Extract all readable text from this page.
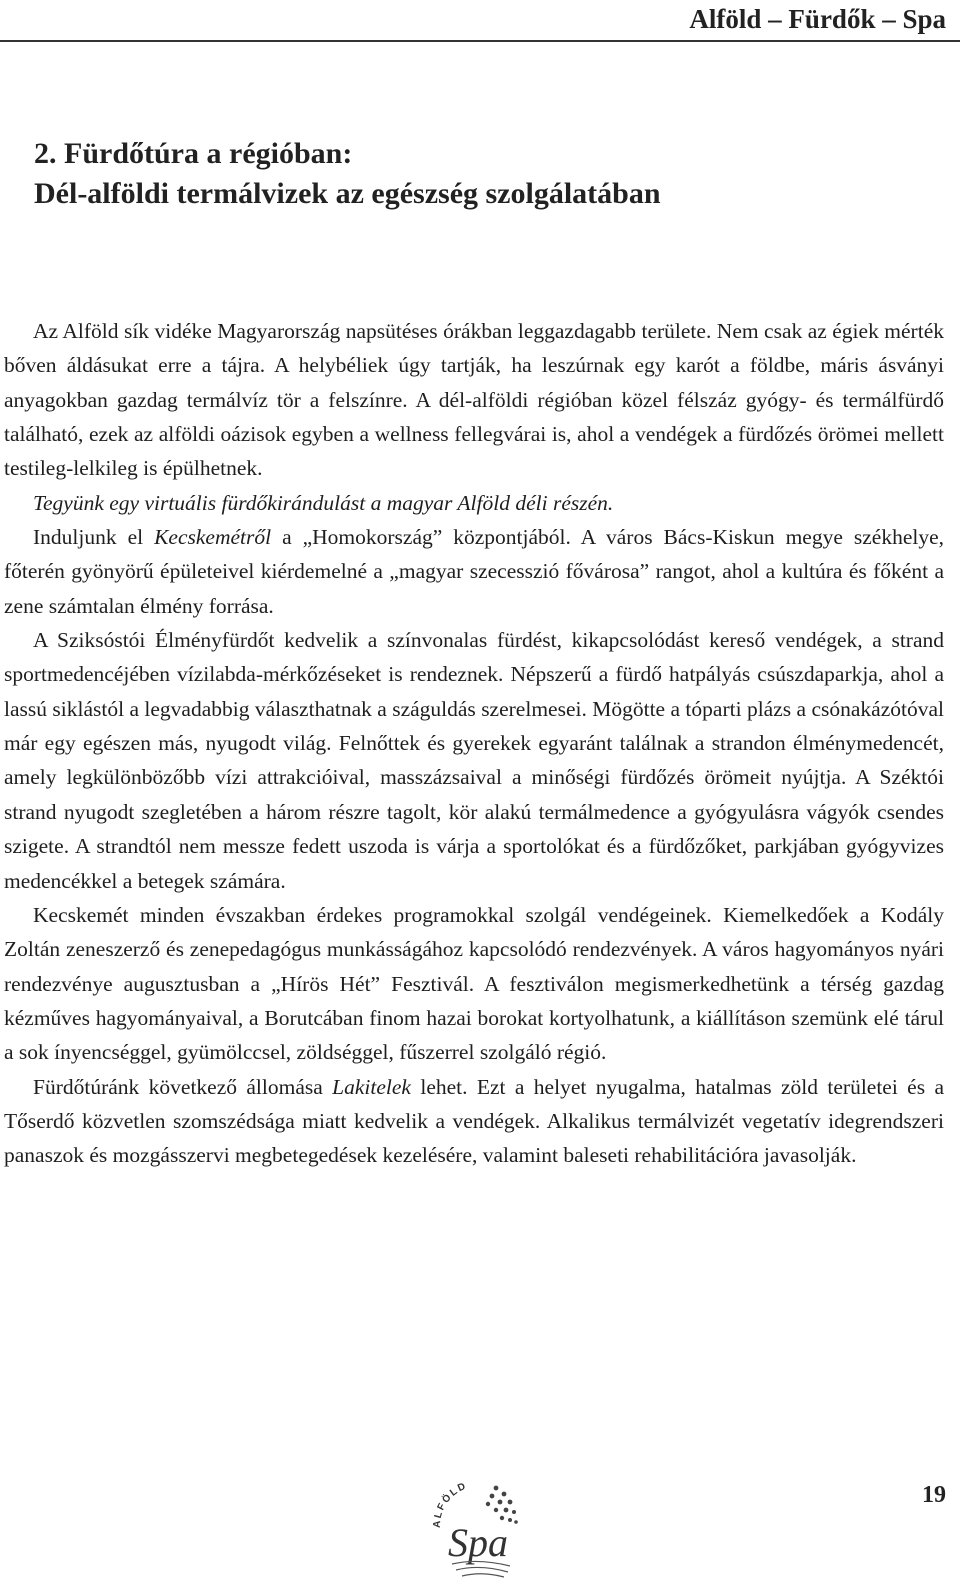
Alföld – Fürdők – Spa
2. Fürdőtúra a régióban:
Dél-alföldi termálvizek az egészség szolgálatában

Az Alföld sík vidéke Magyarország napsütéses órákban leggazdagabb területe. Nem csak az égiek mérték bőven áldásukat erre a tájra. A helybéliek úgy tartják, ha leszúrnak egy karót a földbe, máris ásványi anyagokban gazdag termálvíz tör a felszínre. A dél-alföldi régióban közel félszáz gyógy- és termálfürdő található, ezek az alföldi oázisok egyben a wellness fellegvárai is, ahol a vendégek a fürdőzés örömei mellett testileg-lelkileg is épülhetnek.

Tegyünk egy virtuális fürdőkirándulást a magyar Alföld déli részén.

Induljunk el Kecskemétről a „Homokország” központjából. A város Bács-Kiskun megye székhelye, főterén gyönyörű épületeivel kiérdemelné a „magyar szecesszió fővárosa” rangot, ahol a kultúra és főként a zene számtalan élmény forrása.

A Sziksóstói Élményfürdőt kedvelik a színvonalas fürdést, kikapcsolódást kereső vendégek, a strand sportmedencéjében vízilabda-mérkőzéseket is rendeznek. Népszerű a fürdő hatpályás csúszdaparkja, ahol a lassú siklástól a legvadabbig választhatnak a száguldás szerelmesei. Mögötte a tóparti plázs a csónakázótóval már egy egészen más, nyugodt világ. Felnőttek és gyerekek egyaránt találnak a strandon élménymedencét, amely legkülönbözőbb vízi attrakcióival, masszázsaival a minőségi fürdőzés örömeit nyújtja. A Széktói strand nyugodt szegletében a három részre tagolt, kör alakú termálmedence a gyógyulásra vágyók csendes szigete. A strandtól nem messze fedett uszoda is várja a sportolókat és a fürdőzőket, parkjában gyógyvizes medencékkel a betegek számára.

Kecskemét minden évszakban érdekes programokkal szolgál vendégeinek. Kiemelkedőek a Kodály Zoltán zeneszerző és zenepedagógus munkásságához kapcsolódó rendezvények. A város hagyományos nyári rendezvénye augusztusban a „Hírös Hét” Fesztivál. A fesztiválon megismerkedhetünk a térség gazdag kézműves hagyományaival, a Borutcában finom hazai borokat kortyolhatunk, a kiállításon szemünk elé tárul a sok ínyencséggel, gyümölccsel, zöldséggel, fűszerrel szolgáló régió.

Fürdőtúránk következő állomása Lakitelek lehet. Ezt a helyet nyugalma, hatalmas zöld területei és a Tőserdő közvetlen szomszédsága miatt kedvelik a vendégek. Alkalikus termálvizét vegetatív idegrendszeri panaszok és mozgásszervi megbetegedések kezelésére, valamint baleseti rehabilitációra javasolják.

ALFÖLD
Spa
19
